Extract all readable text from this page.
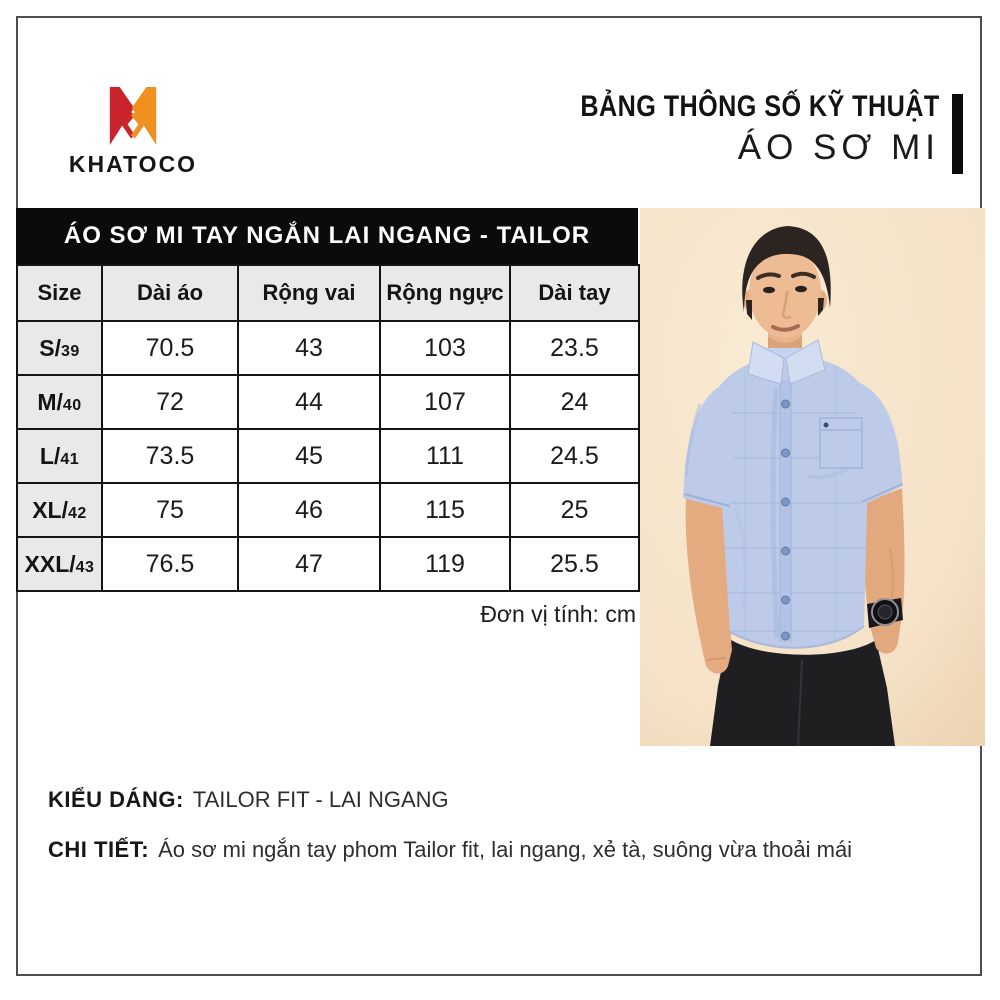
KHATOCO
BẢNG THÔNG SỐ KỸ THUẬT
ÁO SƠ MI
ÁO SƠ MI TAY NGẮN LAI NGANG - TAILOR
Size	Dài áo	Rộng vai	Rộng ngực	Dài tay
S/39	70.5	43	103	23.5
M/40	72	44	107	24
L/41	73.5	45	111	24.5
XL/42	75	46	115	25
XXL/43	76.5	47	119	25.5
Đơn vị tính: cm
KIỂU DÁNG: TAILOR FIT - LAI NGANG
CHI TIẾT: Áo sơ mi ngắn tay phom Tailor fit, lai ngang, xẻ tà, suông vừa thoải mái
